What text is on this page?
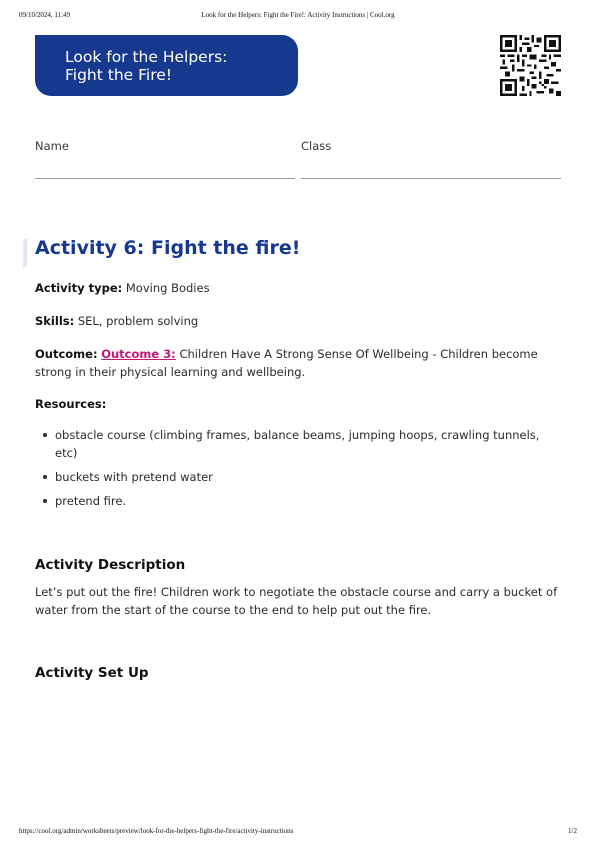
09/10/2024, 11:49	Look for the Helpers: Fight the Fire!: Activity Instructions | Cool.org
Look for the Helpers:
Fight the Fire!
Name	Class
Activity 6: Fight the fire!
Activity type: Moving Bodies
Skills: SEL, problem solving
Outcome: Outcome 3: Children Have A Strong Sense Of Wellbeing - Children become strong in their physical learning and wellbeing.
Resources:
obstacle course (climbing frames, balance beams, jumping hoops, crawling tunnels, etc)
buckets with pretend water
pretend fire.
Activity Description
Let’s put out the fire! Children work to negotiate the obstacle course and carry a bucket of water from the start of the course to the end to help put out the fire.
Activity Set Up
https://cool.org/admin/worksheets/preview/look-for-the-helpers-fight-the-fire/activity-instructions	1/2
